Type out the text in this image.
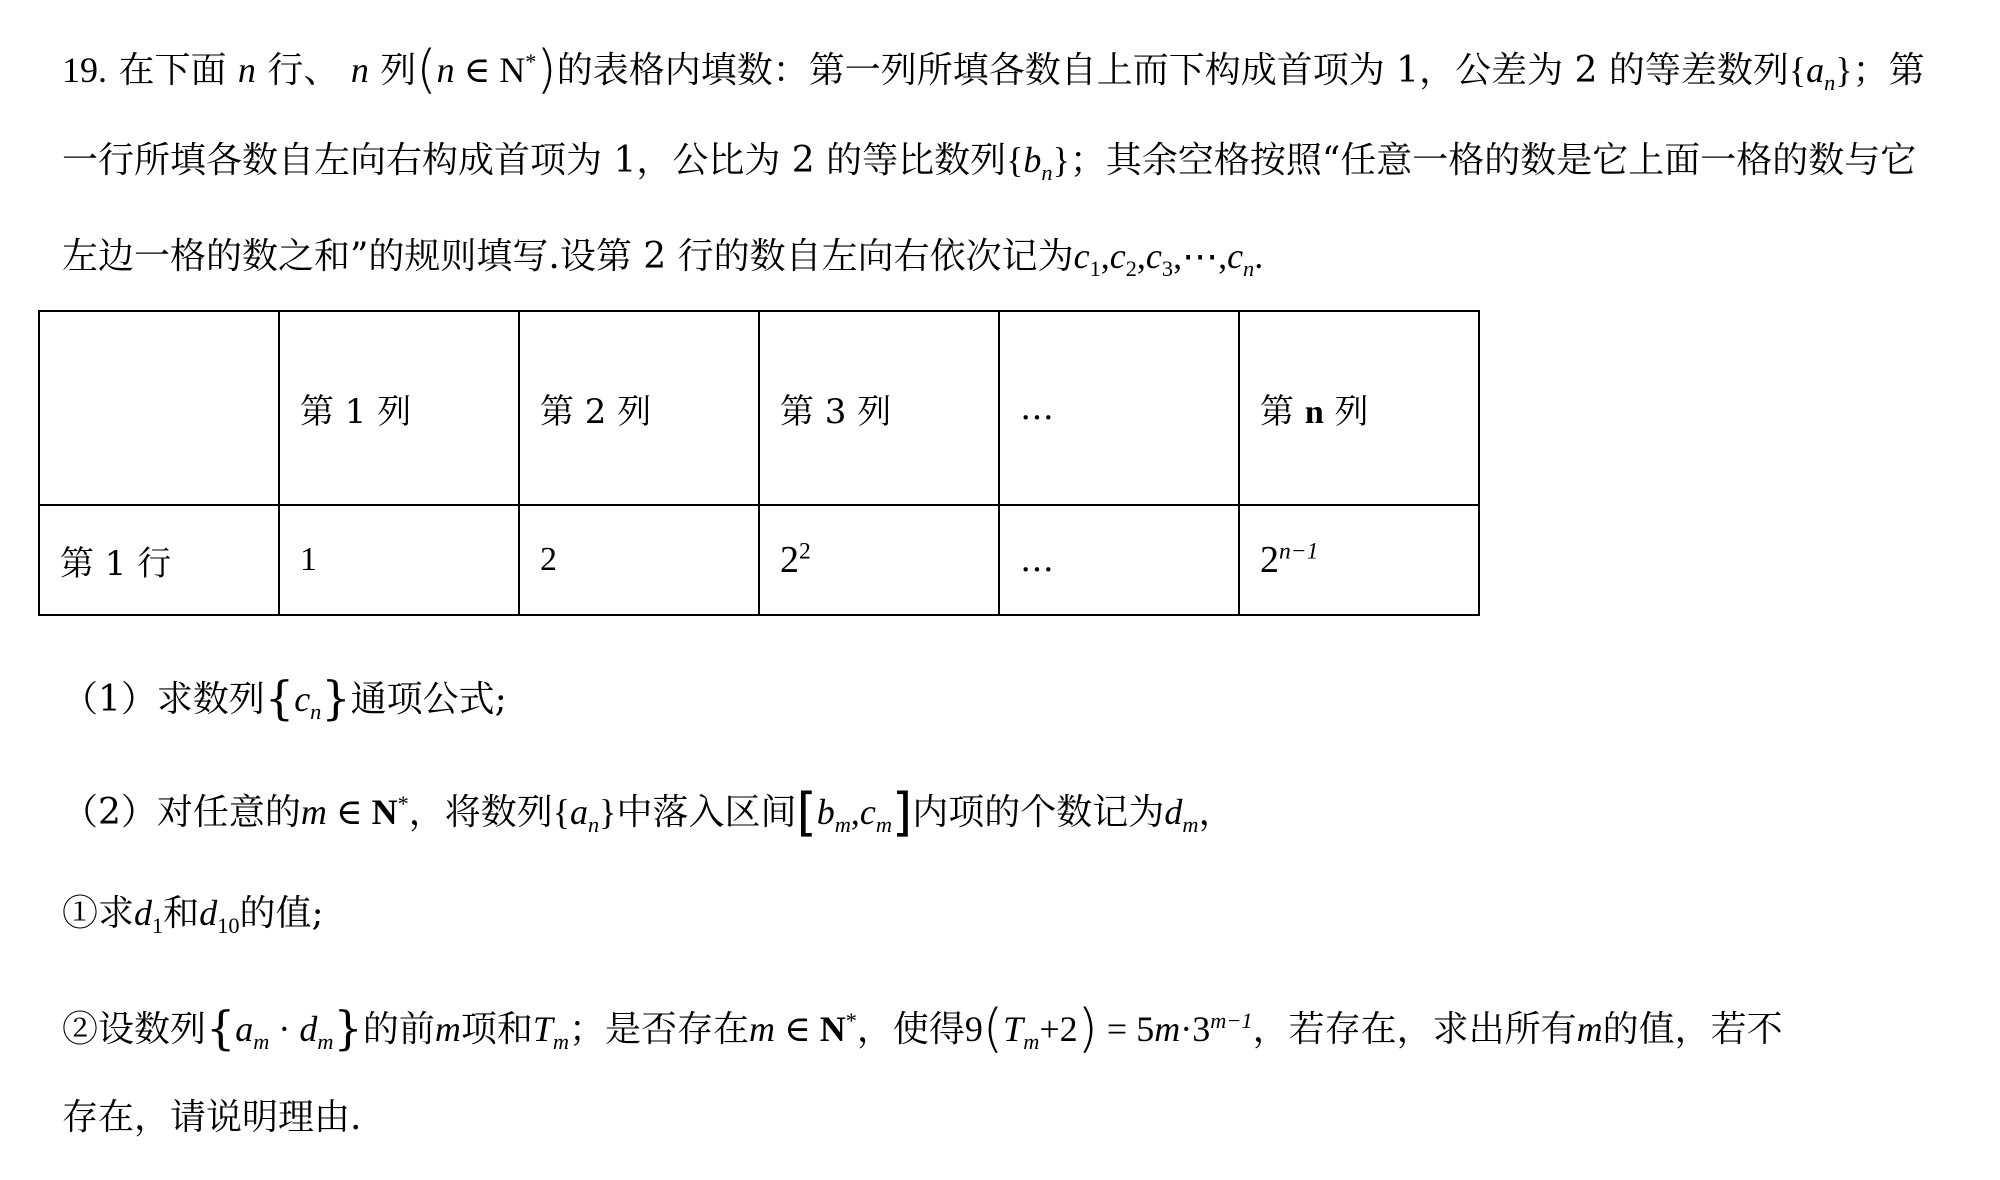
19. 在下面 n 行、 n 列(n ∈ N*)的表格内填数：第一列所填各数自上而下构成首项为 1，公差为 2 的等差数列$\{a_n\}$；第
一行所填各数自左向右构成首项为 1，公比为 2 的等比数列$\{b_n\}$；其余空格按照“任意一格的数是它上面一格的数与它
左边一格的数之和”的规则填写.设第 2 行的数自左向右依次记为$c_1,c_2,c_3,\cdots,c_n$.
	第 1 列	第 2 列	第 3 列	…	第 n 列
第 1 行	1	2	$2^2$	…	$2^{n-1}$
（1）求数列$\{c_n\}$通项公式;
（2）对任意的m ∈ N*，将数列$\{a_n\}$中落入区间$[b_m,c_m]$内项的个数记为$d_m$，
①求$d_1$和$d_{10}$的值;
②设数列$\{a_m \cdot d_m\}$的前m项和$T_m$；是否存在m ∈ N*，使得$9(T_m+2) = 5m\cdot 3^{m-1}$，若存在，求出所有m的值，若不
存在，请说明理由.
